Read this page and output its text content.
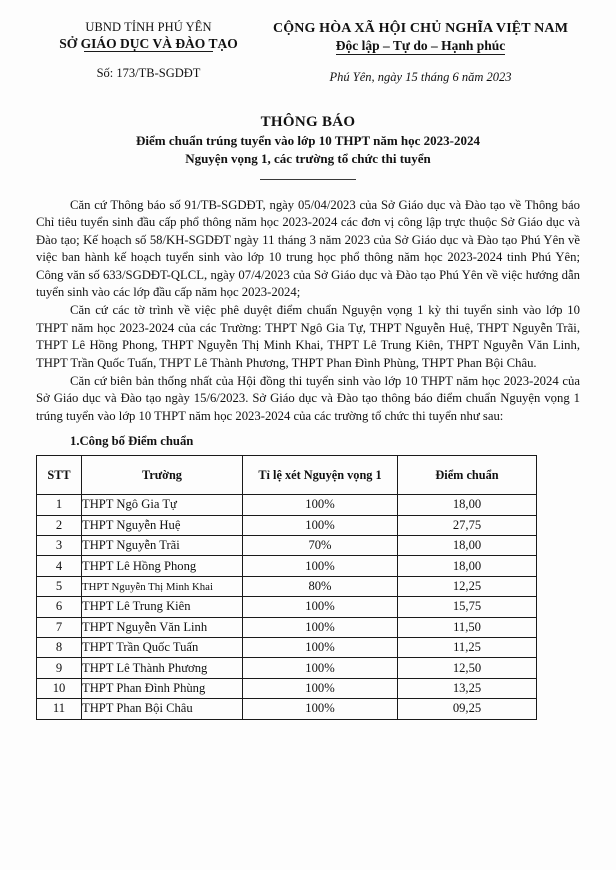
UBND TỈNH PHÚ YÊN
SỞ GIÁO DỤC VÀ ĐÀO TẠO
Số: 173/TB-SGDĐT
CỘNG HÒA XÃ HỘI CHỦ NGHĨA VIỆT NAM
Độc lập – Tự do – Hạnh phúc
Phú Yên, ngày 15 tháng 6 năm 2023
THÔNG BÁO
Điểm chuẩn trúng tuyển vào lớp 10 THPT năm học 2023-2024
Nguyện vọng 1, các trường tổ chức thi tuyển

Căn cứ Thông báo số 91/TB-SGDĐT, ngày 05/04/2023 của Sở Giáo dục và Đào tạo về Thông báo Chỉ tiêu tuyển sinh đầu cấp phổ thông năm học 2023-2024 các đơn vị công lập trực thuộc Sở Giáo dục và Đào tạo; Kế hoạch số 58/KH-SGDĐT ngày 11 tháng 3 năm 2023 của Sở Giáo dục và Đào tạo Phú Yên về việc ban hành kế hoạch tuyển sinh vào lớp 10 trung học phổ thông năm học 2023-2024 tinh Phú Yên; Công văn số 633/SGDĐT-QLCL, ngày 07/4/2023 của Sở Giáo dục và Đào tạo Phú Yên về việc hướng dẫn tuyển sinh vào các lớp đầu cấp năm học 2023-2024;

Căn cứ các tờ trình về việc phê duyệt điểm chuẩn Nguyện vọng 1 kỳ thi tuyển sinh vào lớp 10 THPT năm học 2023-2024 của các Trường: THPT Ngô Gia Tự, THPT Nguyễn Huệ, THPT Nguyễn Trãi, THPT Lê Hồng Phong, THPT Nguyễn Thị Minh Khai, THPT Lê Trung Kiên, THPT Nguyễn Văn Linh, THPT Trần Quốc Tuấn, THPT Lê Thành Phương, THPT Phan Đình Phùng, THPT Phan Bội Châu.

Căn cứ biên bản thống nhất của Hội đồng thi tuyển sinh vào lớp 10 THPT năm học 2023-2024 của Sở Giáo dục và Đào tạo ngày 15/6/2023. Sở Giáo dục và Đào tạo thông báo điểm chuẩn Nguyện vọng 1 trúng tuyển vào lớp 10 THPT năm học 2023-2024 của các trường tổ chức thi tuyển như sau:

1.Công bố Điểm chuẩn
STT	Trường	Tỉ lệ xét Nguyện vọng 1	Điểm chuẩn
1	THPT Ngô Gia Tự	100%	18,00
2	THPT Nguyễn Huệ	100%	27,75
3	THPT Nguyễn Trãi	70%	18,00
4	THPT Lê Hồng Phong	100%	18,00
5	THPT Nguyễn Thị Minh Khai	80%	12,25
6	THPT Lê Trung Kiên	100%	15,75
7	THPT Nguyễn Văn Linh	100%	11,50
8	THPT Trần Quốc Tuấn	100%	11,25
9	THPT Lê Thành Phương	100%	12,50
10	THPT Phan Đình Phùng	100%	13,25
11	THPT Phan Bội Châu	100%	09,25
